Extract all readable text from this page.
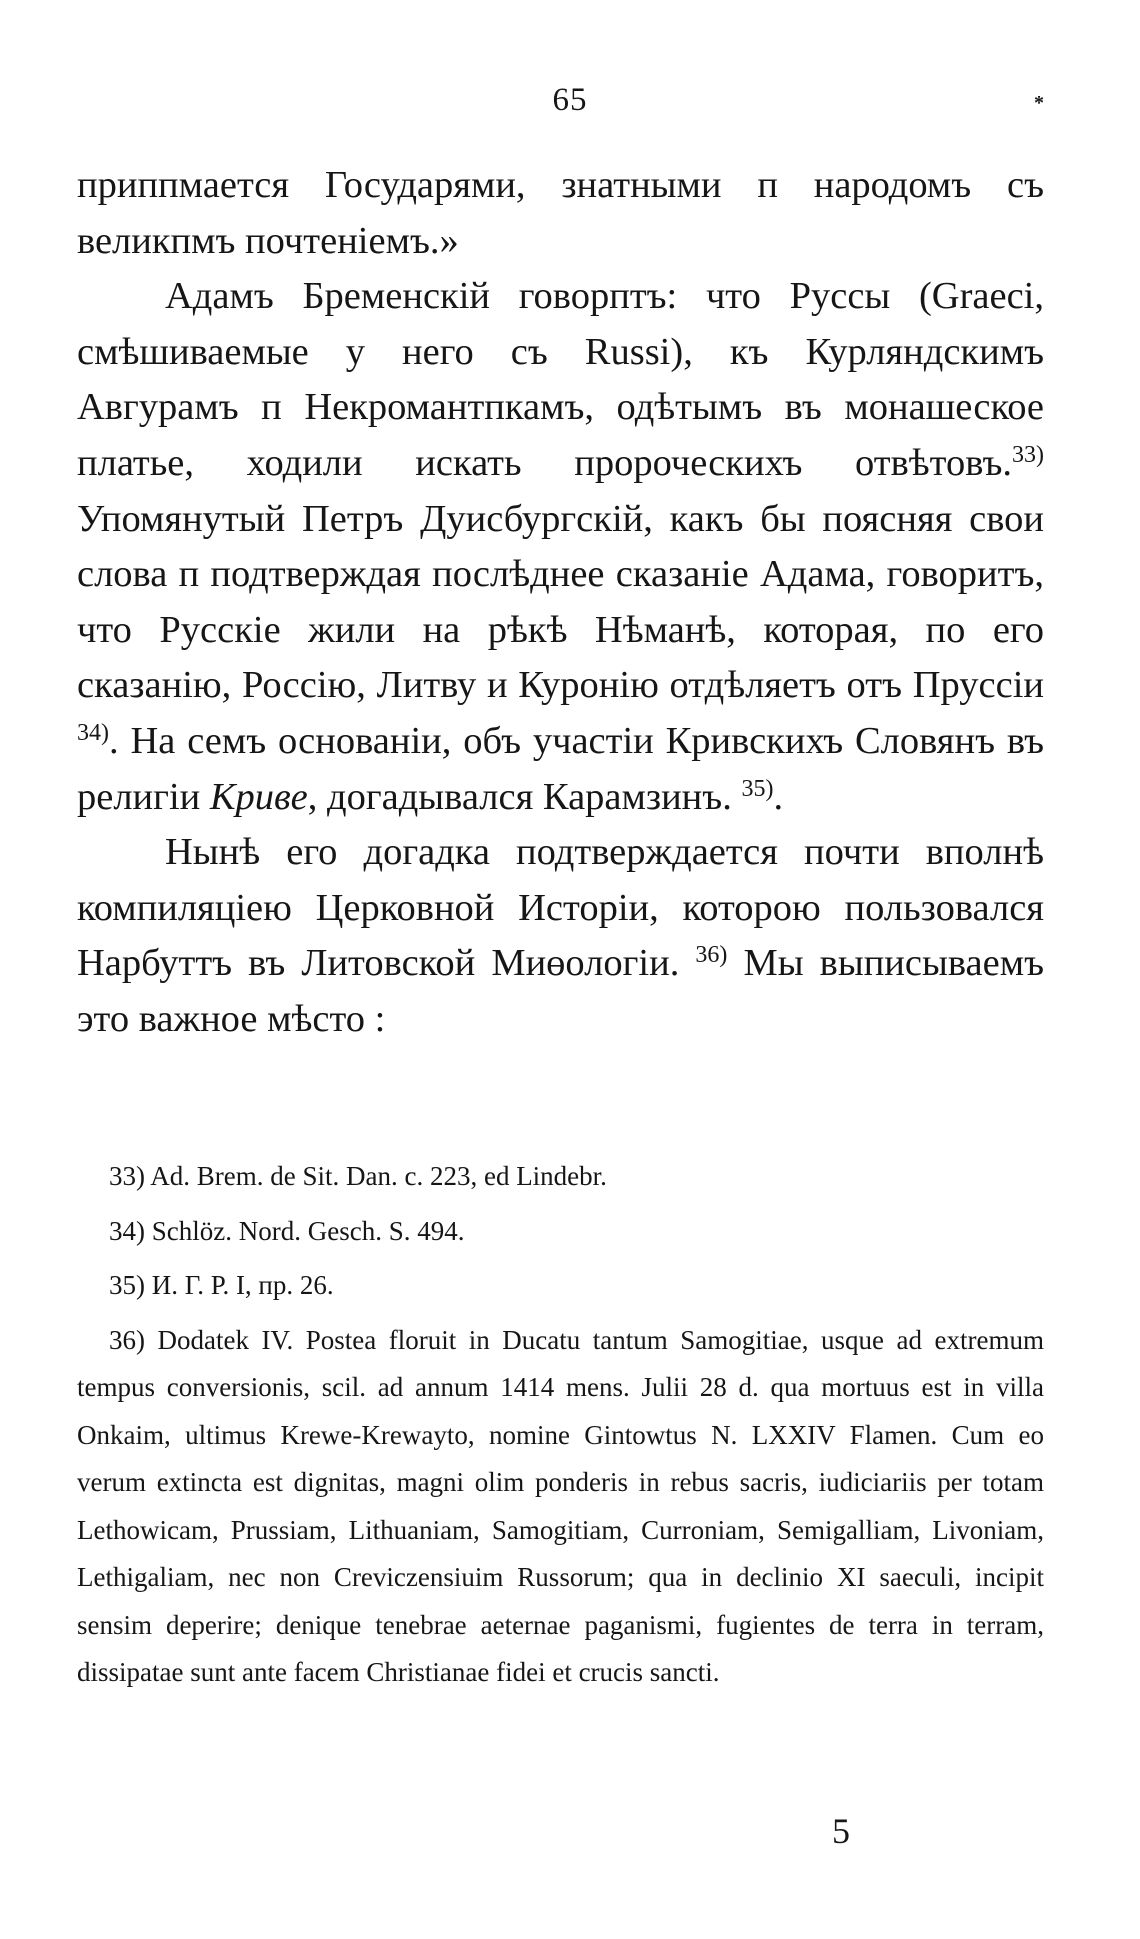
65	*

приппмается Государями, знатными п народомъ съ великпмъ почтенiемъ.»

Адамъ Бременскiй говорптъ: что Руссы (Graeci, смѣшиваемые у него съ Russi), къ Курляндскимъ Авгурамъ п Некромантпкамъ, одѣтымъ въ монашеское платье, ходили искать пророческихъ отвѣтовъ.$^{33)}$ Упомянутый Петръ Дуисбургскiй, какъ бы поясняя свои слова п подтверждая послѣднее сказанiе Адама, говоритъ, что Русскiе жили на рѣкѣ Нѣманѣ, которая, по его сказанiю, Россiю, Литву и Куронiю отдѣляетъ отъ Пруссiи $^{34)}$. На семъ основанiи, объ участiи Кривскихъ Словянъ въ религiи Криве, догадывался Карамзинъ. $^{35)}$.

Нынѣ его догадка подтверждается почти вполнѣ компиляцiею Церковной Исторiи, которою пользовался Нарбуттъ въ Литовской Миөологiи. $^{36)}$ Мы выписываемъ это важное мѣсто :

33) Ad. Brem. de Sit. Dan. c. 223, ed Lindebr.

34) Schlöz. Nord. Gesch. S. 494.

35) И. Г. Р. I, пр. 26.

36) Dodatek IV. Postea floruit in Ducatu tantum Samogitiae, usque ad extremum tempus conversionis, scil. ad annum 1414 mens. Julii 28 d. qua mortuus est in villa Onkaim, ultimus Krewe-Krewayto, nomine Gintowtus N. LXXIV Flamen. Cum eo verum extincta est dignitas, magni olim ponderis in rebus sacris, iudiciariis per totam Lethowicam, Prussiam, Lithuaniam, Samogitiam, Curroniam, Semigalliam, Livoniam, Lethigaliam, nec non Creviczensiuim Russorum; qua in declinio XI saeculi, incipit sensim deperire; denique tenebrae aeternae paganismi, fugientes de terra in terram, dissipatae sunt ante facem Christianae fidei et crucis sancti.

5
